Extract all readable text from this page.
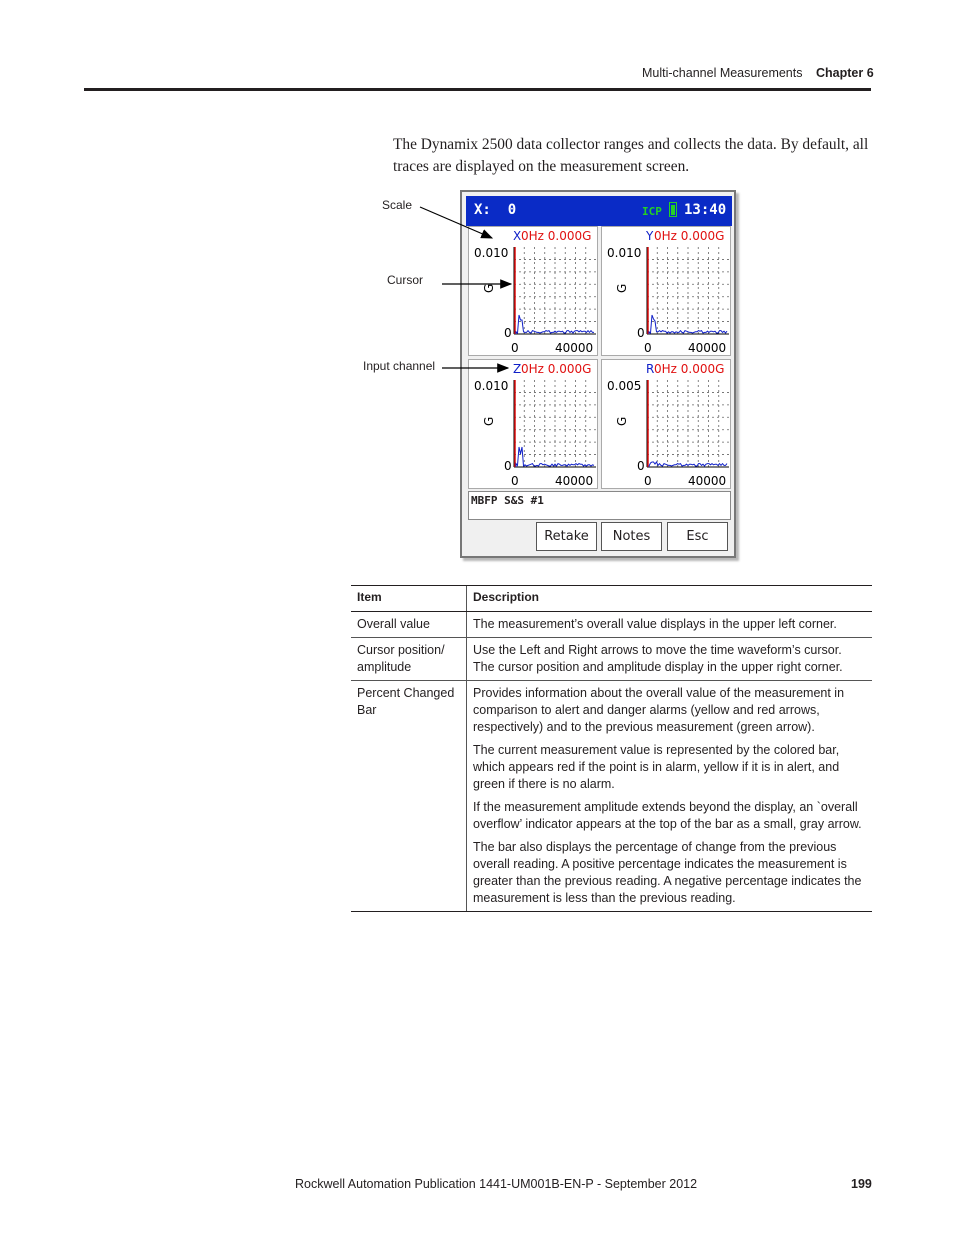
Multi-channel Measurements Chapter 6
The Dynamix 2500 data collector ranges and collects the data. By default, all traces are displayed on the measurement screen.
Scale
Cursor
Input channel
X:  0	ICP 13:40
X 0Hz 0.000G
0.010
G
0
0	40000
Y 0Hz 0.000G
0.010
G
0
0	40000
Z 0Hz 0.000G
0.010
G
0
0	40000
R 0Hz 0.000G
0.005
G
0
0	40000
MBFP S&S #1
Retake	Notes	Esc
Item	Description
Overall value	The measurement’s overall value displays in the upper left corner.

Cursor position/ amplitude	Use the Left and Right arrows to move the time waveform’s cursor. The cursor position and amplitude display in the upper right corner.

Percent Changed Bar	Provides information about the overall value of the measurement in comparison to alert and danger alarms (yellow and red arrows, respectively) and to the previous measurement (green arrow).

The current measurement value is represented by the colored bar, which appears red if the point is in alarm, yellow if it is in alert, and green if there is no alarm.

If the measurement amplitude extends beyond the display, an `overall overflow’ indicator appears at the top of the bar as a small, gray arrow.

The bar also displays the percentage of change from the previous overall reading. A positive percentage indicates the measurement is greater than the previous reading. A negative percentage indicates the measurement is less than the previous reading.

Rockwell Automation Publication 1441-UM001B-EN-P - September 2012	199
